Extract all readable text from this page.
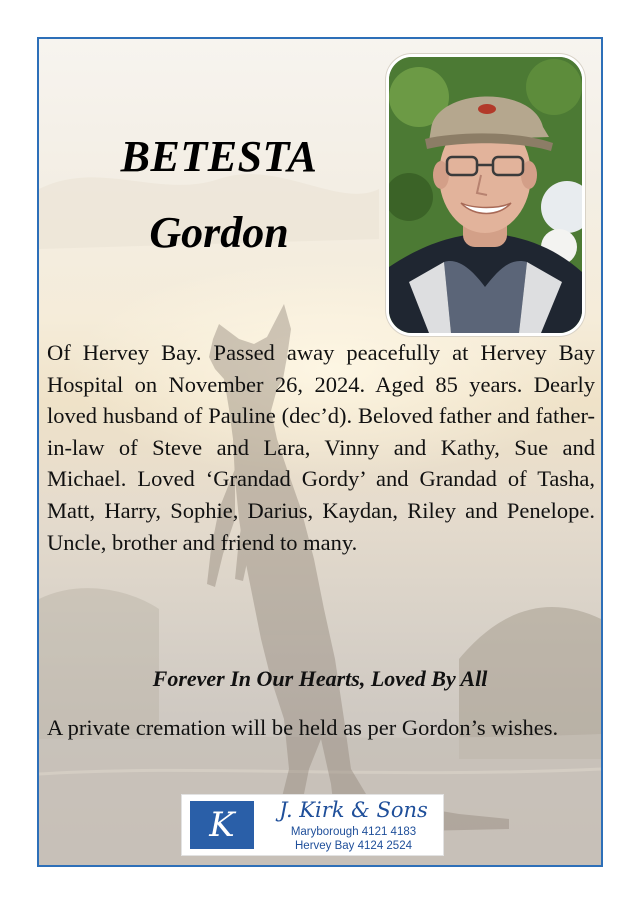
BETESTA
Gordon

Of Hervey Bay. Passed away peacefully at Hervey Bay Hospital on November 26, 2024. Aged 85 years. Dearly loved husband of Pauline (dec’d). Beloved father and father-in-law of Steve and Lara, Vinny and Kathy, Sue and Michael. Loved ‘Grandad Gordy’ and Grandad of Tasha, Matt, Harry, Sophie, Darius, Kaydan, Riley and Penelope. Uncle, brother and friend to many.

Forever In Our Hearts, Loved By All

A private cremation will be held as per Gordon’s wishes.

K	J. Kirk & Sons
Maryborough 4121 4183
Hervey Bay 4124 2524
